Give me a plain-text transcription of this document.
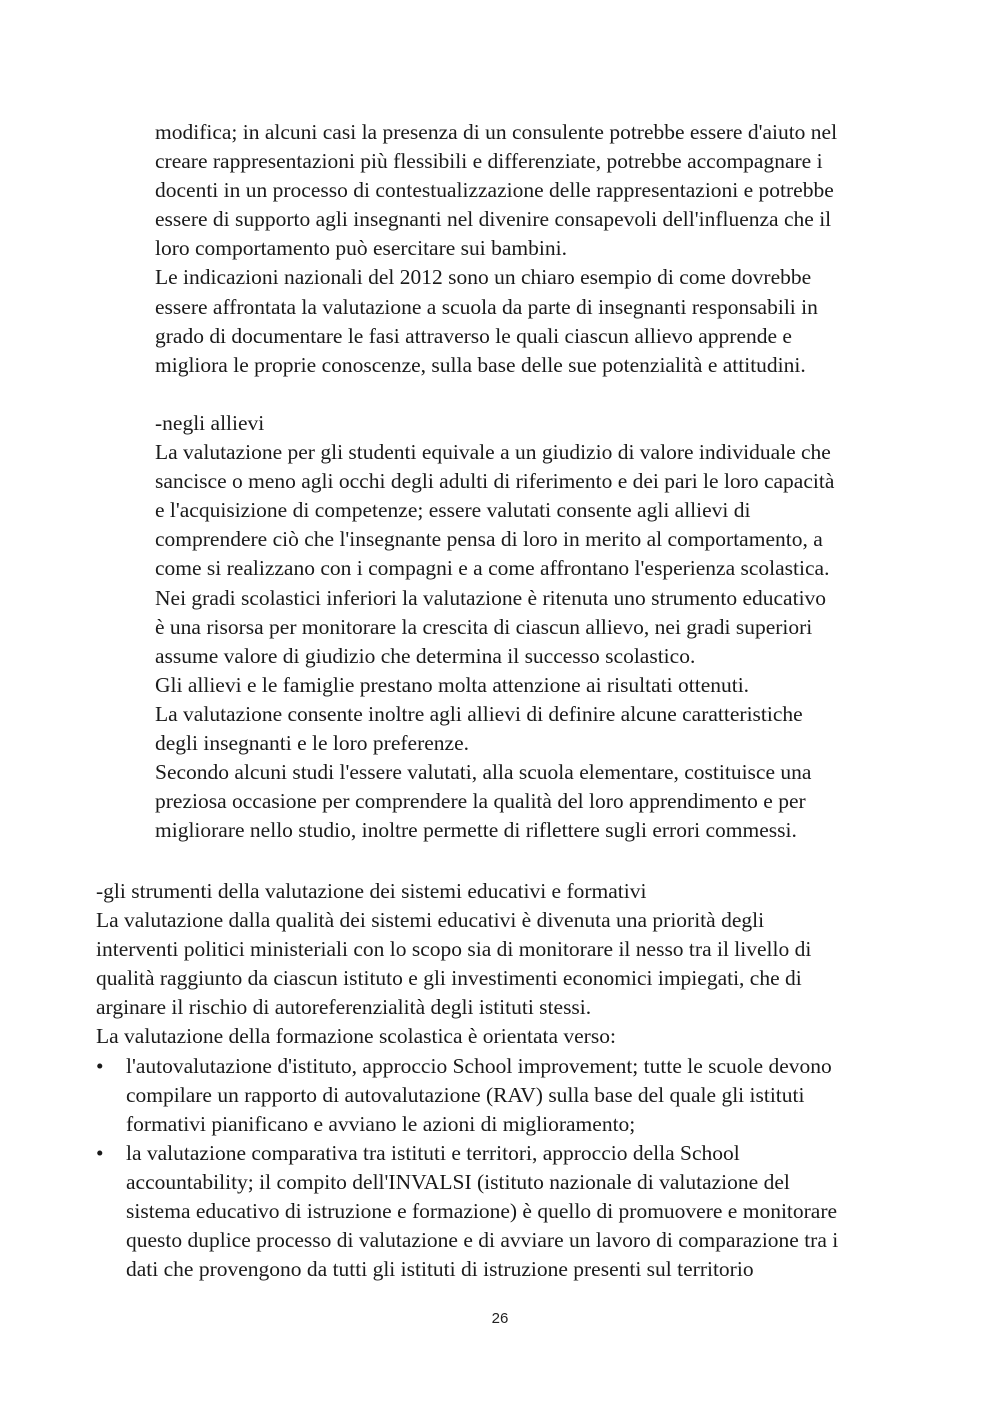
modifica; in alcuni casi la presenza di un consulente potrebbe essere d'aiuto nel
creare rappresentazioni più flessibili e differenziate, potrebbe accompagnare i
docenti in un processo di contestualizzazione delle rappresentazioni e potrebbe
essere di supporto agli insegnanti nel divenire consapevoli dell'influenza che il
loro comportamento può esercitare sui bambini.
Le indicazioni nazionali del 2012 sono un chiaro esempio di come dovrebbe
essere affrontata la valutazione a scuola da parte di insegnanti responsabili in
grado di documentare le fasi attraverso le quali ciascun allievo apprende e
migliora le proprie conoscenze, sulla base delle sue potenzialità e attitudini.
-negli allievi
La valutazione per gli studenti equivale a un giudizio di valore individuale che
sancisce o meno agli occhi degli adulti di riferimento e dei pari le loro capacità
e l'acquisizione di competenze; essere valutati consente agli allievi di
comprendere ciò che l'insegnante pensa di loro in merito al comportamento, a
come si realizzano con i compagni e a come affrontano l'esperienza scolastica.
Nei gradi scolastici inferiori la valutazione è ritenuta uno strumento educativo
è una risorsa per monitorare la crescita di ciascun allievo, nei gradi superiori
assume valore di giudizio che determina il successo scolastico.
Gli allievi e le famiglie prestano molta attenzione ai risultati ottenuti.
La valutazione consente inoltre agli allievi di definire alcune caratteristiche
degli insegnanti e le loro preferenze.
Secondo alcuni studi l'essere valutati, alla scuola elementare, costituisce una
preziosa occasione per comprendere la qualità del loro apprendimento e per
migliorare nello studio, inoltre permette di riflettere sugli errori commessi.
-gli strumenti della valutazione dei sistemi educativi e formativi
La valutazione dalla qualità dei sistemi educativi è divenuta una priorità degli
interventi politici ministeriali con lo scopo sia di monitorare il nesso tra il livello di
qualità raggiunto da ciascun istituto e gli investimenti economici impiegati, che di
arginare il rischio di autoreferenzialità degli istituti stessi.
La valutazione della formazione scolastica è orientata verso:
• l'autovalutazione d'istituto, approccio School improvement; tutte le scuole devono
compilare un rapporto di autovalutazione (RAV) sulla base del quale gli istituti
formativi pianificano e avviano le azioni di miglioramento;
• la valutazione comparativa tra istituti e territori, approccio della School
accountability; il compito dell'INVALSI (istituto nazionale di valutazione del
sistema educativo di istruzione e formazione) è quello di promuovere e monitorare
questo duplice processo di valutazione e di avviare un lavoro di comparazione tra i
dati che provengono da tutti gli istituti di istruzione presenti sul territorio
26
